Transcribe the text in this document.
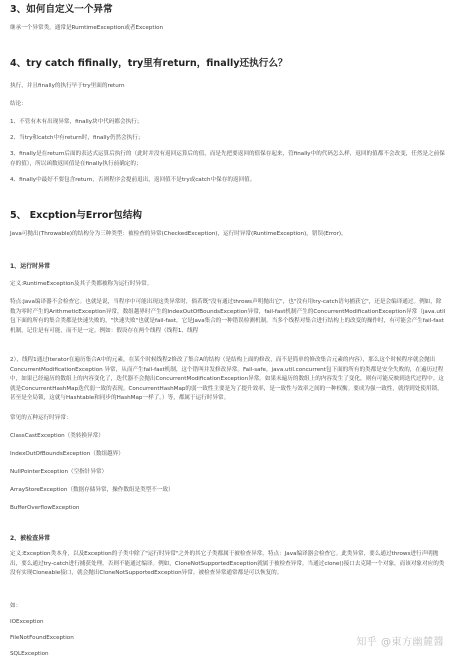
3、如何自定义一个异常

继承一个异常类，通常是RumtimeException或者Exception

4、try catch fifinally，try里有return，finally还执行么？

执行，并且finally的执行早于try里面的return

结论：

1、不管有木有出现异常，finally块中代码都会执行；

2、当try和catch中有return时，finally仍然会执行；

3、finally是在return后面的表达式运算后执行的（此时并没有返回运算后的值，而是先把要返回的值保存起来，管finally中的代码怎么样，返回的值都不会改变，任然是之前保存的值），所以函数返回值是在finally执行前确定的；

4、finally中最好不要包含return，否则程序会提前退出，返回值不是try或catch中保存的返回值。

5、 Excption与Error包结构

Java可抛出(Throwable)的结构分为三种类型：被检查的异常(CheckedException)，运行时异常(RuntimeException)，错误(Error)。

1、运行时异常

定义:RuntimeException及其子类都被称为运行时异常。

特点:Java编译器不会检查它。也就是说，当程序中可能出现这类异常时，倘若既"没有通过throws声明抛出它"，也"没有用try-catch语句捕获它"，还是会编译通过。例如，除数为零时产生的ArithmeticException异常，数组越界时产生的IndexOutOfBoundsException异常，fail-fast机制产生的ConcurrentModificationException异常（java.util包下面的所有的集合类都是快速失败的，"快速失败"也就是fail-fast，它是Java集合的一种错误检测机制。当多个线程对集合进行结构上的改变的操作时，有可能会产生fail-fast机制。记住是有可能，而不是一定。例如：假设存在两个线程（线程1、线程

2），线程1通过Iterator在遍历集合A中的元素，在某个时候线程2修改了集合A的结构（是结构上面的修改，而不是简单的修改集合元素的内容），那么这个时候程序就会抛出ConcurrentModificationException 异常，从而产生fail-fast机制，这个错叫并发修改异常。Fail-safe，java.util.concurrent包下面的所有的类都是安全失败的，在遍历过程中，如果已经遍历的数组上的内容变化了，迭代器不会抛出ConcurrentModificationException异常。如果未遍历的数组上的内容发生了变化，则有可能反映到迭代过程中。这就是ConcurrentHashMap迭代弱一致的表现。ConcurrentHashMap的弱一致性主要是为了提升效率，是一致性与效率之间的一种权衡。要成为强一致性，就得到处使用锁，甚至是全局锁，这就与Hashtable和同步的HashMap一样了。）等，都属于运行时异常。

常见的五种运行时异常：

ClassCastException（类转换异常）

IndexOutOfBoundsException（数组越界）

NullPointerException（空指针异常）

ArrayStoreException（数据存储异常，操作数组是类型不一致）

BufferOverflowException

2、被检查异常

定义:Exception类本身，以及Exception的子类中除了"运行时异常"之外的其它子类都属于被检查异常。特点：Java编译器会检查它。此类异常，要么通过throws进行声明抛出，要么通过try-catch进行捕获处理，否则不能通过编译。例如，CloneNotSupportedException就属于被检查异常。当通过clone()接口去克隆一个对象，而该对象对应的类没有实现Cloneable接口，就会抛出CloneNotSupportedException异常。被检查异常通常都是可以恢复的。

如：

IOException

FileNotFoundException

SQLException

知乎 @東方幽麓醬
